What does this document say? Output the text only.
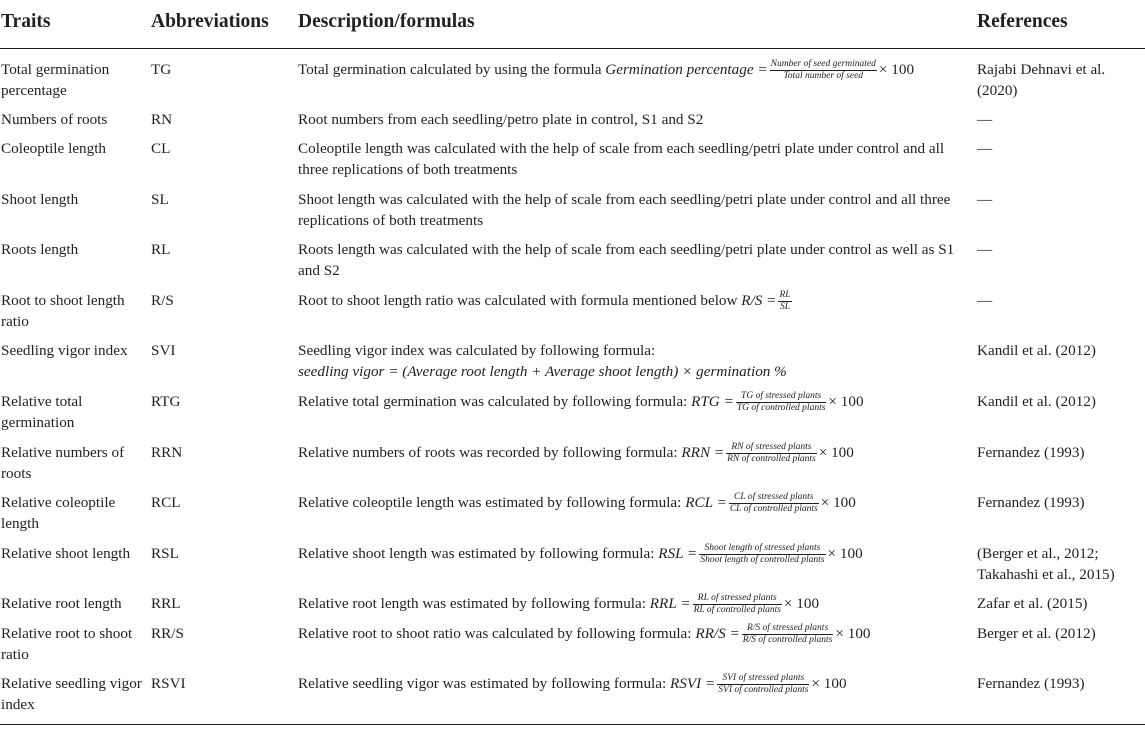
Traits	Abbreviations	Description/formulas	References
Total germination percentage	TG	Total germination calculated by using the formula Germination percentage = $\frac{\text{Number of seed germinated}}{\text{Total number of seed}} \times 100$	Rajabi Dehnavi et al. (2020)
Numbers of roots	RN	Root numbers from each seedling/petro plate in control, S1 and S2	—
Coleoptile length	CL	Coleoptile length was calculated with the help of scale from each seedling/petri plate under control and all three replications of both treatments	—
Shoot length	SL	Shoot length was calculated with the help of scale from each seedling/petri plate under control and all three replications of both treatments	—
Roots length	RL	Roots length was calculated with the help of scale from each seedling/petri plate under control as well as S1 and S2	—
Root to shoot length ratio	R/S	Root to shoot length ratio was calculated with formula mentioned below $R/S = \frac{RL}{SL}$	—
Seedling vigor index	SVI	Seedling vigor index was calculated by following formula: seedling vigor = (Average root length + Average shoot length) × germination %	Kandil et al. (2012)
Relative total germination	RTG	Relative total germination was calculated by following formula: RTG = $\frac{\text{TG of stressed plants}}{\text{TG of controlled plants}} \times 100$	Kandil et al. (2012)
Relative numbers of roots	RRN	Relative numbers of roots was recorded by following formula: RRN = $\frac{\text{RN of stressed plants}}{\text{RN of controlled plants}} \times 100$	Fernandez (1993)
Relative coleoptile length	RCL	Relative coleoptile length was estimated by following formula: RCL = $\frac{\text{CL of stressed plants}}{\text{CL of controlled plants}} \times 100$	Fernandez (1993)
Relative shoot length	RSL	Relative shoot length was estimated by following formula: RSL = $\frac{\text{Shoot length of stressed plants}}{\text{Shoot length of controlled plants}} \times 100$	(Berger et al., 2012; Takahashi et al., 2015)
Relative root length	RRL	Relative root length was estimated by following formula: RRL = $\frac{\text{RL of stressed plants}}{\text{RL of controlled plants}} \times 100$	Zafar et al. (2015)
Relative root to shoot ratio	RR/S	Relative root to shoot ratio was calculated by following formula: $RR/S = \frac{\text{R/S of stressed plants}}{\text{R/S of controlled plants}} \times 100$	Berger et al. (2012)
Relative seedling vigor index	RSVI	Relative seedling vigor was estimated by following formula: RSVI = $\frac{\text{SVI of stressed plants}}{\text{SVI of controlled plants}} \times 100$	Fernandez (1993)
